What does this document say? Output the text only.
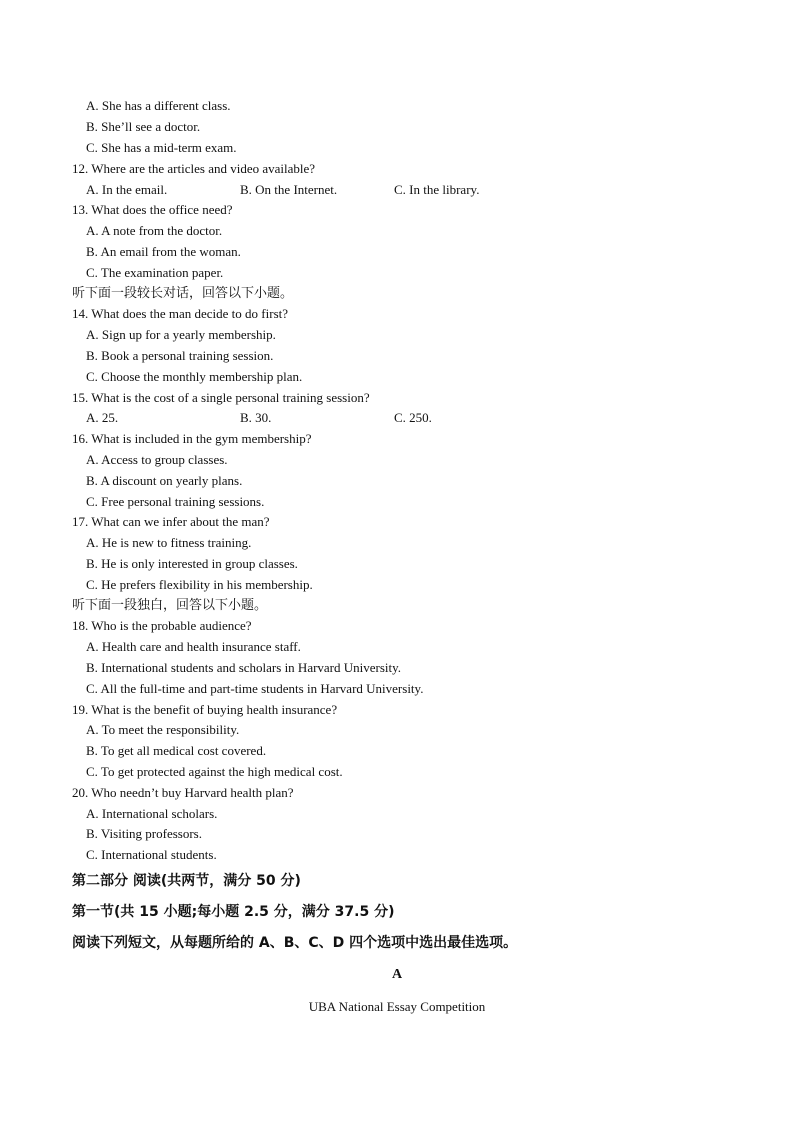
A. She has a different class.
B. She’ll see a doctor.
C. She has a mid-term exam.
12. Where are the articles and video available?
A. In the email.	B. On the Internet.	C. In the library.
13. What does the office need?
A. A note from the doctor.
B. An email from the woman.
C. The examination paper.
听下面一段较长对话，回答以下小题。
14. What does the man decide to do first?
A. Sign up for a yearly membership.
B. Book a personal training session.
C. Choose the monthly membership plan.
15. What is the cost of a single personal training session?
A. 25.	B. 30.	C. 250.
16. What is included in the gym membership?
A. Access to group classes.
B. A discount on yearly plans.
C. Free personal training sessions.
17. What can we infer about the man?
A. He is new to fitness training.
B. He is only interested in group classes.
C. He prefers flexibility in his membership.
听下面一段独白，回答以下小题。
18. Who is the probable audience?
A. Health care and health insurance staff.
B. International students and scholars in Harvard University.
C. All the full-time and part-time students in Harvard University.
19. What is the benefit of buying health insurance?
A. To meet the responsibility.
B. To get all medical cost covered.
C. To get protected against the high medical cost.
20. Who needn’t buy Harvard health plan?
A. International scholars.
B. Visiting professors.
C. International students.
第二部分 阅读(共两节，满分 50 分)
第一节(共 15 小题;每小题 2.5 分，满分 37.5 分)
阅读下列短文，从每题所给的 A、B、C、D 四个选项中选出最佳选项。
A
UBA National Essay Competition
